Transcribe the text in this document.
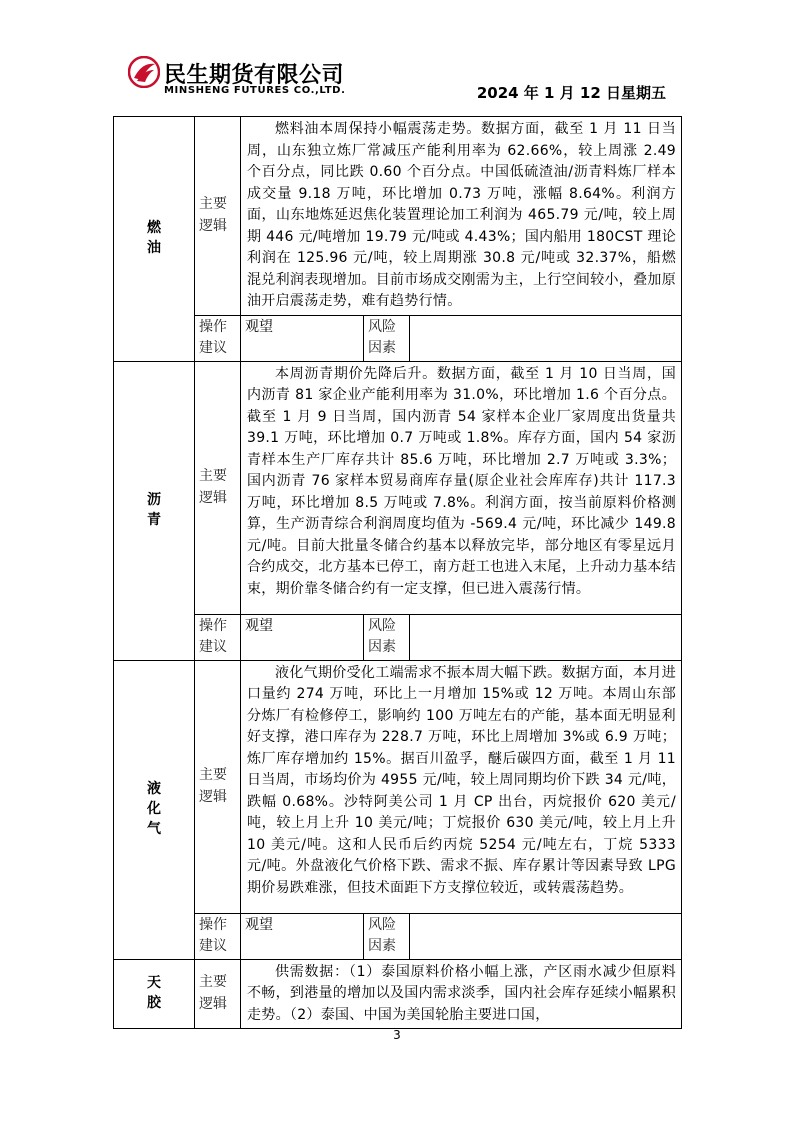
民生期货有限公司
MINSHENG FUTURES CO.,LTD.	2024 年 1 月 12 日星期五
燃油	主要逻辑	燃料油本周保持小幅震荡走势。数据方面，截至 1 月 11 日当周，山东独立炼厂常减压产能利用率为 62.66%，较上周涨 2.49 个百分点，同比跌 0.60 个百分点。中国低硫渣油/沥青料炼厂样本成交量 9.18 万吨，环比增加 0.73 万吨，涨幅 8.64%。利润方面，山东地炼延迟焦化装置理论加工利润为 465.79 元/吨，较上周期 446 元/吨增加 19.79 元/吨或 4.43%；国内船用 180CST 理论利润在 125.96 元/吨，较上周期涨 30.8 元/吨或 32.37%，船燃混兑利润表现增加。目前市场成交刚需为主，上行空间较小，叠加原油开启震荡走势，难有趋势行情。		
	操作建议	观望	风险因素	
沥青	主要逻辑	本周沥青期价先降后升。数据方面，截至 1 月 10 日当周，国内沥青 81 家企业产能利用率为 31.0%，环比增加 1.6 个百分点。截至 1 月 9 日当周，国内沥青 54 家样本企业厂家周度出货量共 39.1 万吨，环比增加 0.7 万吨或 1.8%。库存方面，国内 54 家沥青样本生产厂库存共计 85.6 万吨，环比增加 2.7 万吨或 3.3%；国内沥青 76 家样本贸易商库存量(原企业社会库库存)共计 117.3 万吨，环比增加 8.5 万吨或 7.8%。利润方面，按当前原料价格测算，生产沥青综合利润周度均值为 -569.4 元/吨，环比减少 149.8 元/吨。目前大批量冬储合约基本以释放完毕，部分地区有零星远月合约成交，北方基本已停工，南方赶工也进入末尾，上升动力基本结束，期价靠冬储合约有一定支撑，但已进入震荡行情。		
	操作建议	观望	风险因素	
液化气	主要逻辑	液化气期价受化工端需求不振本周大幅下跌。数据方面，本月进口量约 274 万吨，环比上一月增加 15%或 12 万吨。本周山东部分炼厂有检修停工，影响约 100 万吨左右的产能，基本面无明显利好支撑，港口库存为 228.7 万吨，环比上周增加 3%或 6.9 万吨；炼厂库存增加约 15%。据百川盈孚，醚后碳四方面，截至 1 月 11 日当周，市场均价为 4955 元/吨，较上周同期均价下跌 34 元/吨，跌幅 0.68%。沙特阿美公司 1 月 CP 出台，丙烷报价 620 美元/吨，较上月上升 10 美元/吨；丁烷报价 630 美元/吨，较上月上升 10 美元/吨。这和人民币后约丙烷 5254 元/吨左右，丁烷 5333 元/吨。外盘液化气价格下跌、需求不振、库存累计等因素导致 LPG 期价易跌难涨，但技术面距下方支撑位较近，或转震荡趋势。		
	操作建议	观望	风险因素	
天胶	主要逻辑	供需数据：（1）泰国原料价格小幅上涨，产区雨水减少但原料不畅，到港量的增加以及国内需求淡季，国内社会库存延续小幅累积走势。（2）泰国、中国为美国轮胎主要进口国，		
3
